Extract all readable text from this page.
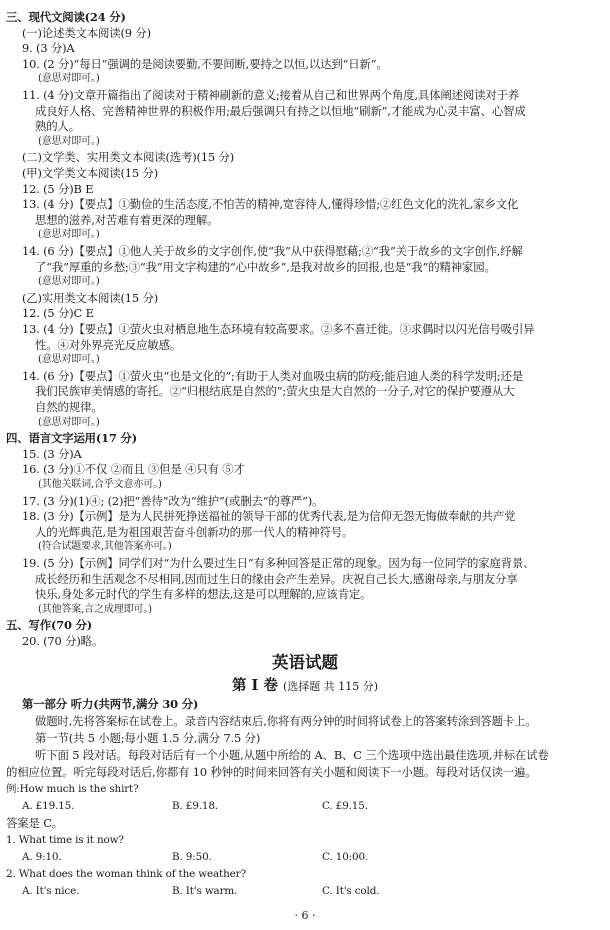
三、现代文阅读(24 分)
(一)论述类文本阅读(9 分)
9. (3 分)A
10. (2 分)“每日”强调的是阅读要勤,不要间断,要持之以恒,以达到“日新”。
(意思对即可。)
11. (4 分)文章开篇指出了阅读对于精神刷新的意义;接着从自己和世界两个角度,具体阐述阅读对于养
成良好人格、完善精神世界的积极作用;最后强调只有持之以恒地“刷新”,才能成为心灵丰富、心智成
熟的人。
(意思对即可。)
(二)文学类、实用类文本阅读(选考)(15 分)
(甲)文学类文本阅读(15 分)
12. (5 分)B E
13. (4 分)【要点】①勤俭的生活态度,不怕苦的精神,宽容待人,懂得珍惜;②红色文化的洗礼,家乡文化
思想的滋养,对苦难有着更深的理解。
(意思对即可。)
14. (6 分)【要点】①他人关于故乡的文字创作,使“我”从中获得慰藉;②“我”关于故乡的文字创作,纾解
了“我”厚重的乡愁;③“我”用文字构建的“心中故乡”,是我对故乡的回报,也是“我”的精神家园。
(意思对即可。)
(乙)实用类文本阅读(15 分)
12. (5 分)C E
13. (4 分)【要点】①萤火虫对栖息地生态环境有较高要求。②多不喜迁徙。③求偶时以闪光信号吸引异
性。④对外界亮光反应敏感。
(意思对即可。)
14. (6 分)【要点】①萤火虫“也是文化的”;有助于人类对血吸虫病的防疫;能启迪人类的科学发明;还是
我们民族审美情感的寄托。②“归根结底是自然的”;萤火虫是大自然的一分子,对它的保护要遵从大
自然的规律。
(意思对即可。)
四、语言文字运用(17 分)
15. (3 分)A
16. (3 分)①不仅 ②而且 ③但是 ④只有 ⑤才
(其他关联词,合乎文意亦可。)
17. (3 分)(1)④; (2)把“善待”改为“维护”(或删去“的尊严”)。
18. (3 分)【示例】是为人民拼死挣送福祉的领导干部的优秀代表,是为信仰无怨无悔做奉献的共产党
人的光辉典范,是为祖国艰苦奋斗创新功的那一代人的精神符号。
(符合试题要求,其他答案亦可。)
19. (5 分)【示例】同学们对“为什么要过生日”有多种回答是正常的现象。因为每一位同学的家庭背景、
成长经历和生活观念不尽相同,因而过生日的缘由会产生差异。庆祝自己长大,感谢母亲,与朋友分享
快乐,身处多元时代的学生有多样的想法,这是可以理解的,应该肯定。
(其他答案,言之成理即可。)
五、写作(70 分)
20. (70 分)略。
英语试题
第 Ⅰ 卷 (选择题 共 115 分)
第一部分 听力(共两节,满分 30 分)
做题时,先将答案标在试卷上。录音内容结束后,你将有两分钟的时间将试卷上的答案转涂到答题卡上。
第一节(共 5 小题;每小题 1.5 分,满分 7.5 分)
听下面 5 段对话。每段对话后有一个小题,从题中所给的 A、B、C 三个选项中选出最佳选项,并标在试卷
的相应位置。听完每段对话后,你都有 10 秒钟的时间来回答有关小题和阅读下一小题。每段对话仅读一遍。
例:How much is the shirt?
A. £19.15.	B. £9.18.	C. £9.15.
答案是 C。
1. What time is it now?
A. 9:10.	B. 9:50.	C. 10:00.
2. What does the woman think of the weather?
A. It's nice.	B. It's warm.	C. It's cold.
· 6 ·
